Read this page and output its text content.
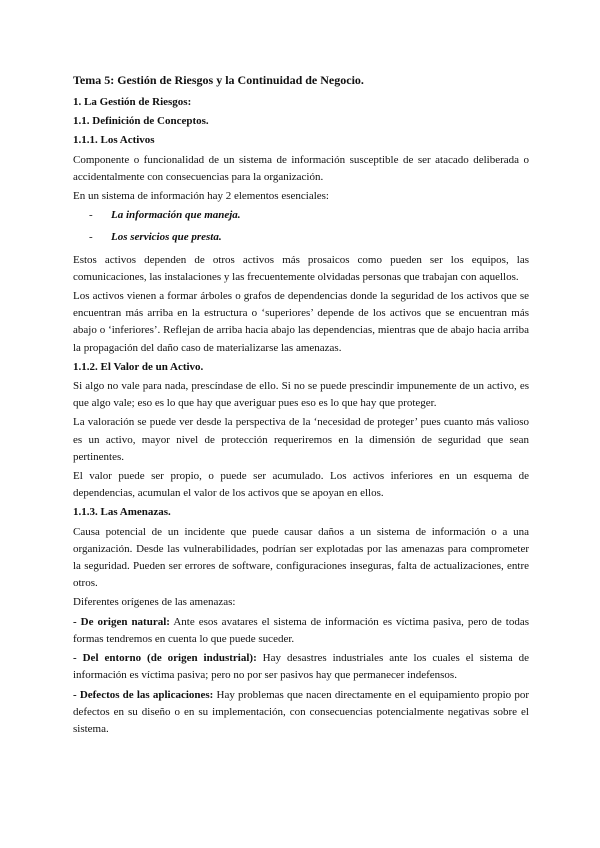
Tema 5: Gestión de Riesgos y la Continuidad de Negocio.
1. La Gestión de Riesgos:
1.1. Definición de Conceptos.
1.1.1. Los Activos

Componente o funcionalidad de un sistema de información susceptible de ser atacado deliberada o accidentalmente con consecuencias para la organización.

En un sistema de información hay 2 elementos esenciales:

- La información que maneja.
- Los servicios que presta.

Estos activos dependen de otros activos más prosaicos como pueden ser los equipos, las comunicaciones, las instalaciones y las frecuentemente olvidadas personas que trabajan con aquellos.

Los activos vienen a formar árboles o grafos de dependencias donde la seguridad de los activos que se encuentran más arriba en la estructura o ‘superiores’ depende de los activos que se encuentran más abajo o ‘inferiores’. Reflejan de arriba hacia abajo las dependencias, mientras que de abajo hacia arriba la propagación del daño caso de materializarse las amenazas.

1.1.2. El Valor de un Activo.

Si algo no vale para nada, prescíndase de ello. Si no se puede prescindir impunemente de un activo, es que algo vale; eso es lo que hay que averiguar pues eso es lo que hay que proteger.

La valoración se puede ver desde la perspectiva de la ‘necesidad de proteger’ pues cuanto más valioso es un activo, mayor nivel de protección requeriremos en la dimensión de seguridad que sean pertinentes.

El valor puede ser propio, o puede ser acumulado. Los activos inferiores en un esquema de dependencias, acumulan el valor de los activos que se apoyan en ellos.

1.1.3. Las Amenazas.

Causa potencial de un incidente que puede causar daños a un sistema de información o a una organización. Desde las vulnerabilidades, podrían ser explotadas por las amenazas para comprometer la seguridad. Pueden ser errores de software, configuraciones inseguras, falta de actualizaciones, entre otros.

Diferentes orígenes de las amenazas:

- De origen natural: Ante esos avatares el sistema de información es víctima pasiva, pero de todas formas tendremos en cuenta lo que puede suceder.

- Del entorno (de origen industrial): Hay desastres industriales ante los cuales el sistema de información es víctima pasiva; pero no por ser pasivos hay que permanecer indefensos.

- Defectos de las aplicaciones: Hay problemas que nacen directamente en el equipamiento propio por defectos en su diseño o en su implementación, con consecuencias potencialmente negativas sobre el sistema.
